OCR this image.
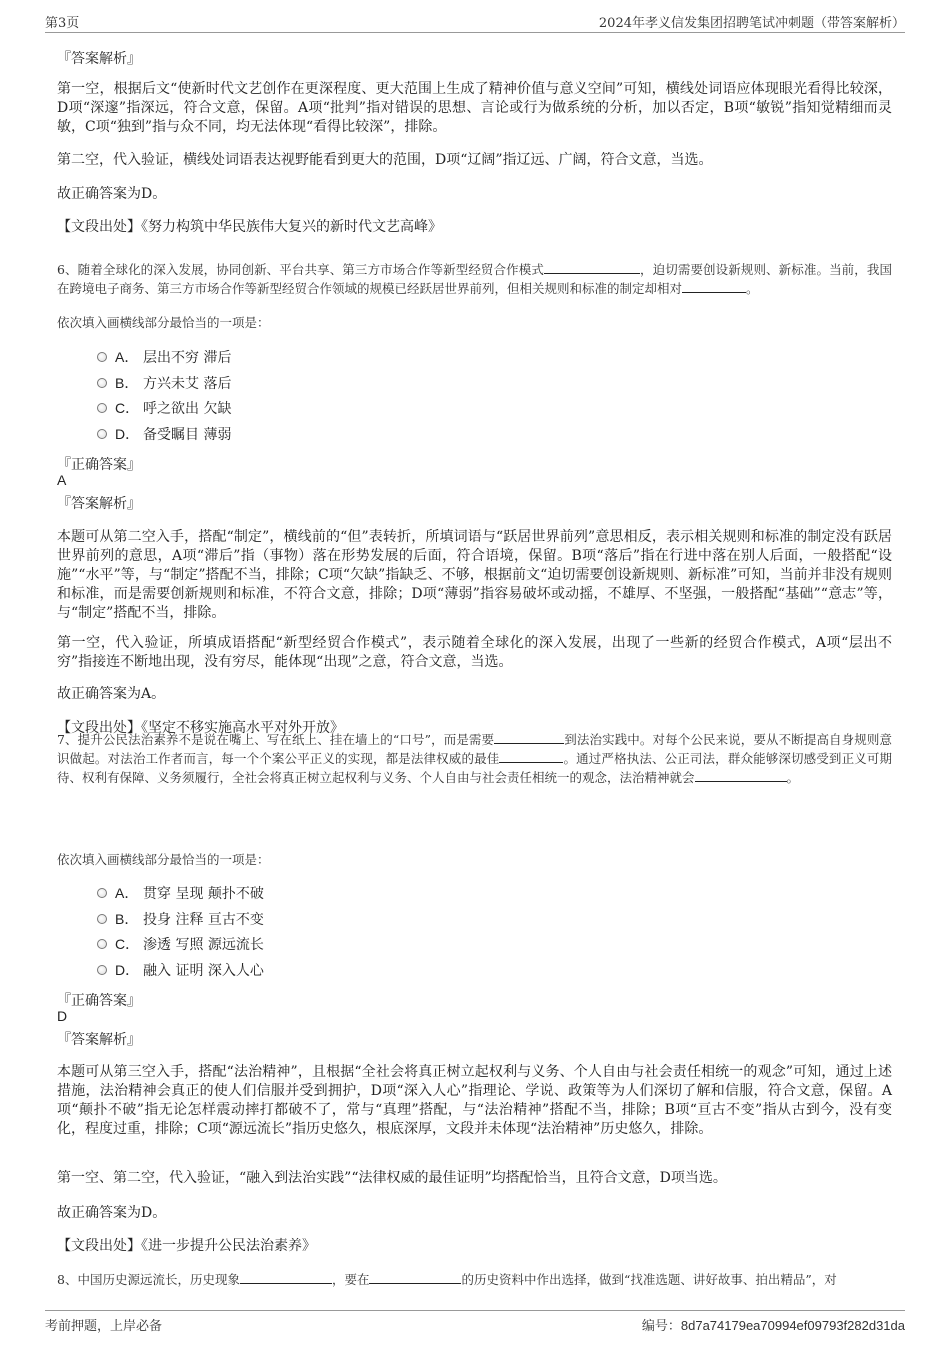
第3页	2024年孝义信发集团招聘笔试冲刺题（带答案解析）
『答案解析』
第一空，根据后文“使新时代文艺创作在更深程度、更大范围上生成了精神价值与意义空间”可知，横线处词语应体现眼光看得比较深，D项“深邃”指深远，符合文意，保留。A项“批判”指对错误的思想、言论或行为做系统的分析，加以否定，B项“敏锐”指知觉精细而灵敏，C项“独到”指与众不同，均无法体现“看得比较深”，排除。
第二空，代入验证，横线处词语表达视野能看到更大的范围，D项“辽阔”指辽远、广阔，符合文意，当选。
故正确答案为D。
【文段出处】《努力构筑中华民族伟大复兴的新时代文艺高峰》
6、随着全球化的深入发展，协同创新、平台共享、第三方市场合作等新型经贸合作模式	，迫切需要创设新规则、新标准。当前，我国在跨境电子商务、第三方市场合作等新型经贸合作领域的规模已经跃居世界前列，但相关规则和标准的制定却相对	。
依次填入画横线部分最恰当的一项是：
A． 层出不穷 滞后
B． 方兴未艾 落后
C． 呼之欲出 欠缺
D． 备受瞩目 薄弱
『正确答案』
A
『答案解析』
本题可从第二空入手，搭配“制定”，横线前的“但”表转折，所填词语与“跃居世界前列”意思相反，表示相关规则和标准的制定没有跃居世界前列的意思，A项“滞后”指（事物）落在形势发展的后面，符合语境，保留。B项“落后”指在行进中落在别人后面，一般搭配“设施”“水平”等，与“制定”搭配不当，排除；C项“欠缺”指缺乏、不够，根据前文“迫切需要创设新规则、新标准”可知，当前并非没有规则和标准，而是需要创新规则和标准，不符合文意，排除；D项“薄弱”指容易破坏或动摇，不雄厚、不坚强，一般搭配“基础”“意志”等，与“制定”搭配不当，排除。
第一空，代入验证，所填成语搭配“新型经贸合作模式”，表示随着全球化的深入发展，出现了一些新的经贸合作模式，A项“层出不穷”指接连不断地出现，没有穷尽，能体现“出现”之意，符合文意，当选。
故正确答案为A。
【文段出处】《坚定不移实施高水平对外开放》
7、提升公民法治素养不是说在嘴上、写在纸上、挂在墙上的“口号”，而是需要	到法治实践中。对每个公民来说，要从不断提高自身规则意识做起。对法治工作者而言，每一个个案公平正义的实现，都是法律权威的最佳	。通过严格执法、公正司法，群众能够深切感受到正义可期待、权利有保障、义务须履行，全社会将真正树立起权利与义务、个人自由与社会责任相统一的观念，法治精神就会	。
依次填入画横线部分最恰当的一项是：
A． 贯穿 呈现 颠扑不破
B． 投身 注释 亘古不变
C． 渗透 写照 源远流长
D． 融入 证明 深入人心
『正确答案』
D
『答案解析』
本题可从第三空入手，搭配“法治精神”，且根据“全社会将真正树立起权利与义务、个人自由与社会责任相统一的观念”可知，通过上述措施，法治精神会真正的使人们信服并受到拥护，D项“深入人心”指理论、学说、政策等为人们深切了解和信服，符合文意，保留。A项“颠扑不破”指无论怎样震动摔打都破不了，常与“真理”搭配，与“法治精神”搭配不当，排除；B项“亘古不变”指从古到今，没有变化，程度过重，排除；C项“源远流长”指历史悠久，根底深厚，文段并未体现“法治精神”历史悠久，排除。
第一空、第二空，代入验证，“融入到法治实践”“法律权威的最佳证明”均搭配恰当，且符合文意，D项当选。
故正确答案为D。
【文段出处】《进一步提升公民法治素养》
8、中国历史源远流长，历史现象	，要在	的历史资料中作出选择，做到“找准选题、讲好故事、拍出精品”，对
考前押题，上岸必备	编号：8d7a74179ea70994ef09793f282d31da
